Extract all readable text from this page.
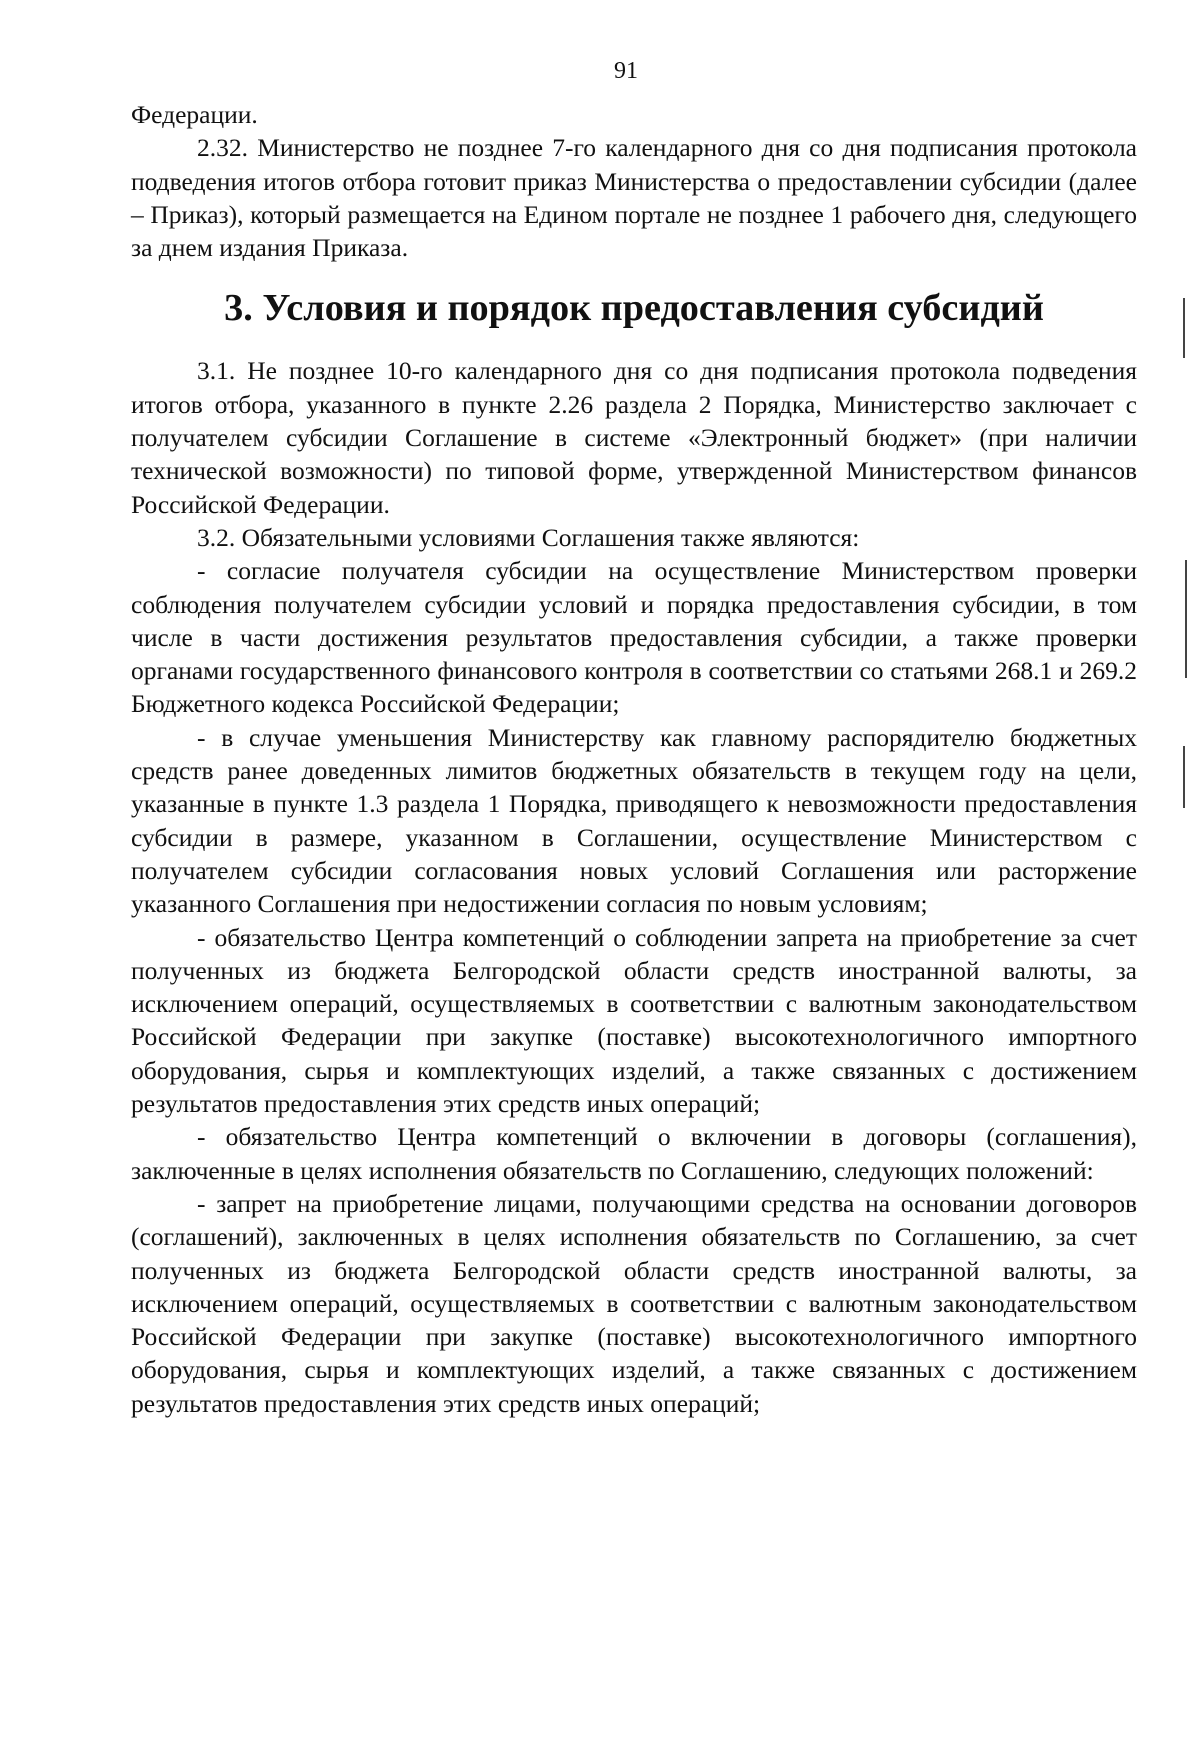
91

Федерации.

2.32. Министерство не позднее 7-го календарного дня со дня подписания протокола подведения итогов отбора готовит приказ Министерства о предоставлении субсидии (далее – Приказ), который размещается на Едином портале не позднее 1 рабочего дня, следующего за днем издания Приказа.

3. Условия и порядок предоставления субсидий

3.1. Не позднее 10-го календарного дня со дня подписания протокола подведения итогов отбора, указанного в пункте 2.26 раздела 2 Порядка, Министерство заключает с получателем субсидии Соглашение в системе «Электронный бюджет» (при наличии технической возможности) по типовой форме, утвержденной Министерством финансов Российской Федерации.

3.2. Обязательными условиями Соглашения также являются:

- согласие получателя субсидии на осуществление Министерством проверки соблюдения получателем субсидии условий и порядка предоставления субсидии, в том числе в части достижения результатов предоставления субсидии, а также проверки органами государственного финансового контроля в соответствии со статьями 268.1 и 269.2 Бюджетного кодекса Российской Федерации;

- в случае уменьшения Министерству как главному распорядителю бюджетных средств ранее доведенных лимитов бюджетных обязательств в текущем году на цели, указанные в пункте 1.3 раздела 1 Порядка, приводящего к невозможности предоставления субсидии в размере, указанном в Соглашении, осуществление Министерством с получателем субсидии согласования новых условий Соглашения или расторжение указанного Соглашения при недостижении согласия по новым условиям;

- обязательство Центра компетенций о соблюдении запрета на приобретение за счет полученных из бюджета Белгородской области средств иностранной валюты, за исключением операций, осуществляемых в соответствии с валютным законодательством Российской Федерации при закупке (поставке) высокотехнологичного импортного оборудования, сырья и комплектующих изделий, а также связанных с достижением результатов предоставления этих средств иных операций;

- обязательство Центра компетенций о включении в договоры (соглашения), заключенные в целях исполнения обязательств по Соглашению, следующих положений:

- запрет на приобретение лицами, получающими средства на основании договоров (соглашений), заключенных в целях исполнения обязательств по Соглашению, за счет полученных из бюджета Белгородской области средств иностранной валюты, за исключением операций, осуществляемых в соответствии с валютным законодательством Российской Федерации при закупке (поставке) высокотехнологичного импортного оборудования, сырья и комплектующих изделий, а также связанных с достижением результатов предоставления этих средств иных операций;
